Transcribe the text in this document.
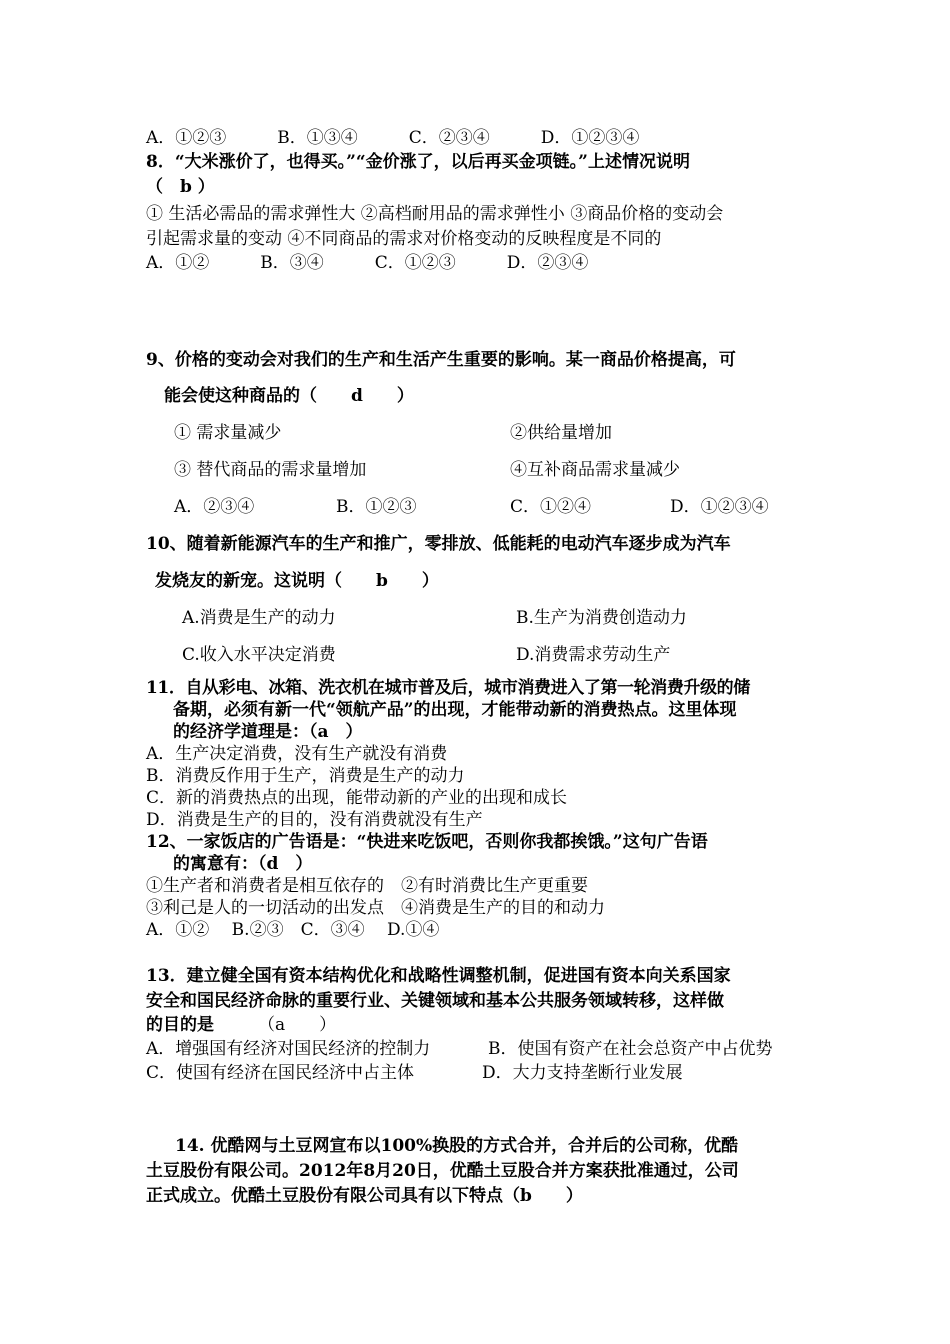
A．①②③　　　B．①③④　　　C．②③④　　　D．①②③④
8．“大米涨价了，也得买。”“金价涨了，以后再买金项链。”上述情况说明
（　b ）
① 生活必需品的需求弹性大 ②高档耐用品的需求弹性小 ③商品价格的变动会
引起需求量的变动 ④不同商品的需求对价格变动的反映程度是不同的
A．①②　　　B．③④　　　C．①②③　　　D．②③④
9、价格的变动会对我们的生产和生活产生重要的影响。某一商品价格提高，可
能会使这种商品的（　　d　　）
① 需求量减少	②供给量增加
③ 替代商品的需求量增加	④互补商品需求量减少
A．②③④	B．①②③	C．①②④	D．①②③④
10、随着新能源汽车的生产和推广，零排放、低能耗的电动汽车逐步成为汽车
发烧友的新宠。这说明（　　b　　）
A.消费是生产的动力	B.生产为消费创造动力
C.收入水平决定消费	D.消费需求劳动生产
11．自从彩电、冰箱、洗衣机在城市普及后，城市消费进入了第一轮消费升级的储
备期，必须有新一代“领航产品”的出现，才能带动新的消费热点。这里体现
的经济学道理是：（a　）
A．生产决定消费，没有生产就没有消费
B．消费反作用于生产，消费是生产的动力
C．新的消费热点的出现，能带动新的产业的出现和成长
D．消费是生产的目的，没有消费就没有生产
12、一家饭店的广告语是：“快进来吃饭吧，否则你我都挨饿。”这句广告语
的寓意有：（d　）
①生产者和消费者是相互依存的　②有时消费比生产更重要
③利己是人的一切活动的出发点　④消费是生产的目的和动力
A．①②　 B.②③　C．③④　 D.①④
13．建立健全国有资本结构优化和战略性调整机制，促进国有资本向关系国家
安全和国民经济命脉的重要行业、关键领域和基本公共服务领域转移，这样做
的目的是	（a　　）
A．增强国有经济对国民经济的控制力	B．使国有资产在社会总资产中占优势
C．使国有经济在国民经济中占主体	D．大力支持垄断行业发展
14. 优酷网与土豆网宣布以100%换股的方式合并，合并后的公司称，优酷
土豆股份有限公司。2012年8月20日，优酷土豆股合并方案获批准通过，公司
正式成立。优酷土豆股份有限公司具有以下特点（b　　）
